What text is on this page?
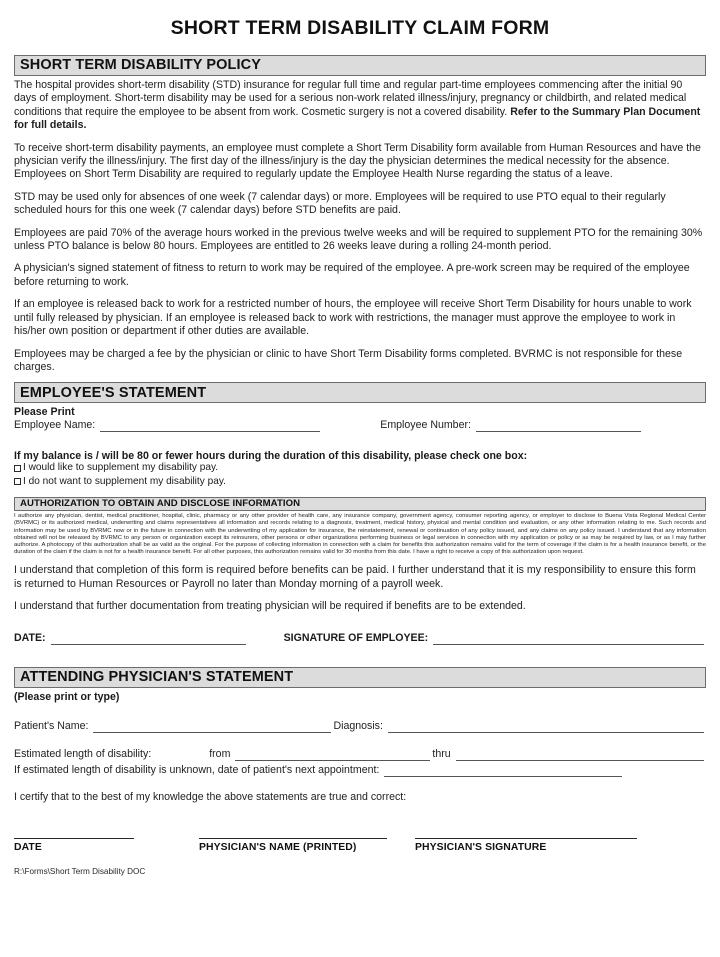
SHORT TERM DISABILITY CLAIM FORM
SHORT TERM DISABILITY POLICY

The hospital provides short-term disability (STD) insurance for regular full time and regular part-time employees commencing after the initial 90 days of employment. Short-term disability may be used for a serious non-work related illness/injury, pregnancy or childbirth, and related medical conditions that require the employee to be absent from work. Cosmetic surgery is not a covered disability. Refer to the Summary Plan Document for full details.

To receive short-term disability payments, an employee must complete a Short Term Disability form available from Human Resources and have the physician verify the illness/injury. The first day of the illness/injury is the day the physician determines the medical necessity for the absence. Employees on Short Term Disability are required to regularly update the Employee Health Nurse regarding the status of a leave.

STD may be used only for absences of one week (7 calendar days) or more. Employees will be required to use PTO equal to their regularly scheduled hours for this one week (7 calendar days) before STD benefits are paid.

Employees are paid 70% of the average hours worked in the previous twelve weeks and will be required to supplement PTO for the remaining 30% unless PTO balance is below 80 hours. Employees are entitled to 26 weeks leave during a rolling 24-month period.

A physician's signed statement of fitness to return to work may be required of the employee. A pre-work screen may be required of the employee before returning to work.

If an employee is released back to work for a restricted number of hours, the employee will receive Short Term Disability for hours unable to work until fully released by physician. If an employee is released back to work with restrictions, the manager must approve the employee to work in his/her own position or department if other duties are available.

Employees may be charged a fee by the physician or clinic to have Short Term Disability forms completed. BVRMC is not responsible for these charges.

EMPLOYEE'S STATEMENT
Please Print
Employee Name:	Employee Number:
If my balance is / will be 80 or fewer hours during the duration of this disability, please check one box:
I would like to supplement my disability pay.
I do not want to supplement my disability pay.
AUTHORIZATION TO OBTAIN AND DISCLOSE INFORMATION

I authorize any physician, dentist, medical practitioner, hospital, clinic, pharmacy or any other provider of health care, any insurance company, government agency, consumer reporting agency, or employer to disclose to Buena Vista Regional Medical Center (BVRMC) or its authorized medical, underwriting and claims representatives all information and records relating to a diagnosis, treatment, medical history, physical and mental condition and evaluation, or any other information relating to me. Such records and information may be used by BVRMC now or in the future in connection with the underwriting of my application for insurance, the reinstatement, renewal or continuation of any policy issued, and any claims on any policy issued. I understand that any information obtained will not be released by BVRMC to any person or organization except its reinsurers, other persons or other organizations performing business or legal services in connection with my application or policy or as may be required by law, or as I may further authorize. A photocopy of this authorization shall be as valid as the original. For the purpose of collecting information in connection with a claim for benefits this authorization remains valid for the term of coverage if the claim is for a health insurance benefit, or the duration of the claim if the claim is not for a health insurance benefit. For all other purposes, this authorization remains valid for 30 months from this date. I have a right to receive a copy of this authorization upon request.

I understand that completion of this form is required before benefits can be paid. I further understand that it is my responsibility to ensure this form is returned to Human Resources or Payroll no later than Monday morning of a payroll week.

I understand that further documentation from treating physician will be required if benefits are to be extended.

DATE:	SIGNATURE OF EMPLOYEE:
ATTENDING PHYSICIAN'S STATEMENT
(Please print or type)
Patient's Name:	Diagnosis:
Estimated length of disability:	from	thru
If estimated length of disability is unknown, date of patient's next appointment:

I certify that to the best of my knowledge the above statements are true and correct:

DATE	PHYSICIAN'S NAME (PRINTED)	PHYSICIAN'S SIGNATURE
R:\Forms\Short Term Disability DOC
